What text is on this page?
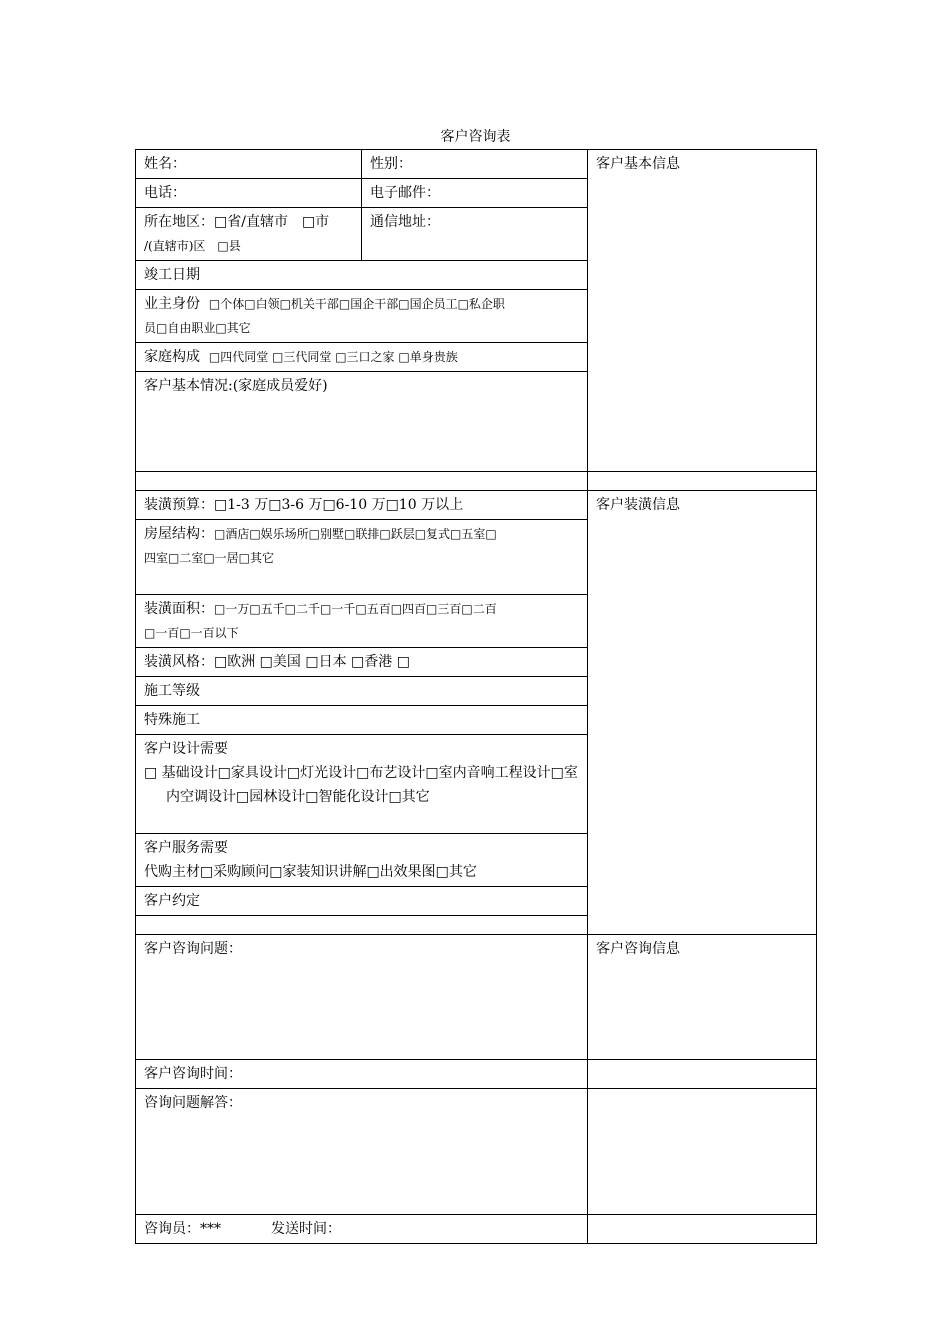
客户咨询表
姓名：	性别：	客户基本信息
电话：	电子邮件：	

所在地区：□省/直辖市　□市
/(直辖市)区　□县	通信地址：	
竣工日期		

业主身份 □个体□白领□机关干部□国企干部□国企员工□私企职
员□自由职业□其它		

家庭构成 □四代同堂 □三代同堂 □三口之家 □单身贵族		
客户基本情况:(家庭成员爱好)		

装潢预算：□1-3 万□3-6 万□6-10 万□10 万以上		客户装潢信息

房屋结构：□酒店□娱乐场所□别墅□联排□跃层□复式□五室□
四室□二室□一居□其它		

装潢面积：□一万□五千□二千□一千□五百□四百□三百□二百
□一百□一百以下		

装潢风格：□欧洲 □美国 □日本 □香港 □		
施工等级		
特殊施工		

客户设计需要
□ 基础设计□家具设计□灯光设计□布艺设计□室内音响工程设计□室内空调设计□园林设计□智能化设计□其它		

客户服务需要
代购主材□采购顾问□家装知识讲解□出效果图□其它		

客户约定		

客户咨询问题：		客户咨询信息
客户咨询时间：		
咨询问题解答：		
咨询员：*** 发送时间：		
